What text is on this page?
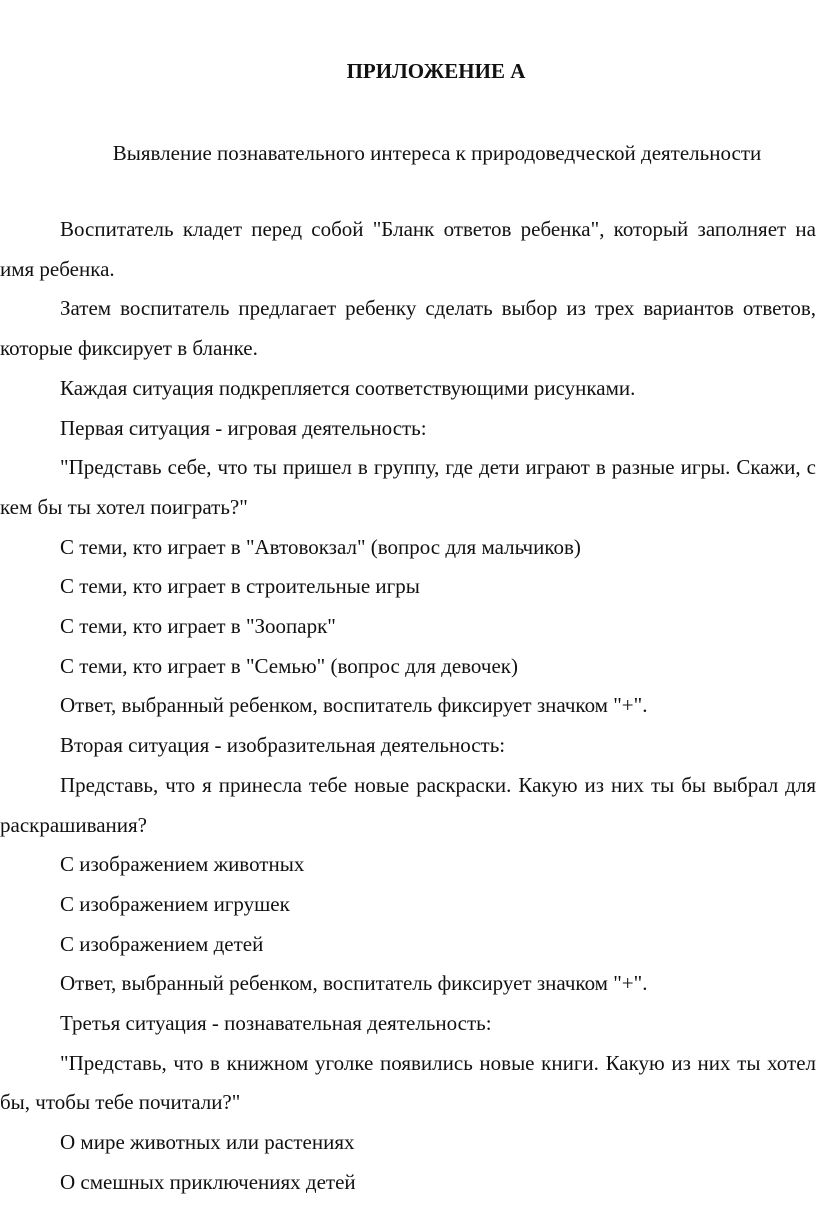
ПРИЛОЖЕНИЕ А
Выявление познавательного интереса к природоведческой деятельности

Воспитатель кладет перед собой "Бланк ответов ребенка", который заполняет на имя ребенка.

Затем воспитатель предлагает ребенку сделать выбор из трех вариантов ответов, которые фиксирует в бланке.

Каждая ситуация подкрепляется соответствующими рисунками.

Первая ситуация - игровая деятельность:

"Представь себе, что ты пришел в группу, где дети играют в разные игры. Скажи, с кем бы ты хотел поиграть?"

С теми, кто играет в "Автовокзал" (вопрос для мальчиков)

С теми, кто играет в строительные игры

С теми, кто играет в "Зоопарк"

С теми, кто играет в "Семью" (вопрос для девочек)

Ответ, выбранный ребенком, воспитатель фиксирует значком "+".

Вторая ситуация - изобразительная деятельность:

Представь, что я принесла тебе новые раскраски. Какую из них ты бы выбрал для раскрашивания?

С изображением животных

С изображением игрушек

С изображением детей

Ответ, выбранный ребенком, воспитатель фиксирует значком "+".

Третья ситуация - познавательная деятельность:

"Представь, что в книжном уголке появились новые книги. Какую из них ты хотел бы, чтобы тебе почитали?"

О мире животных или растениях

О смешных приключениях детей
